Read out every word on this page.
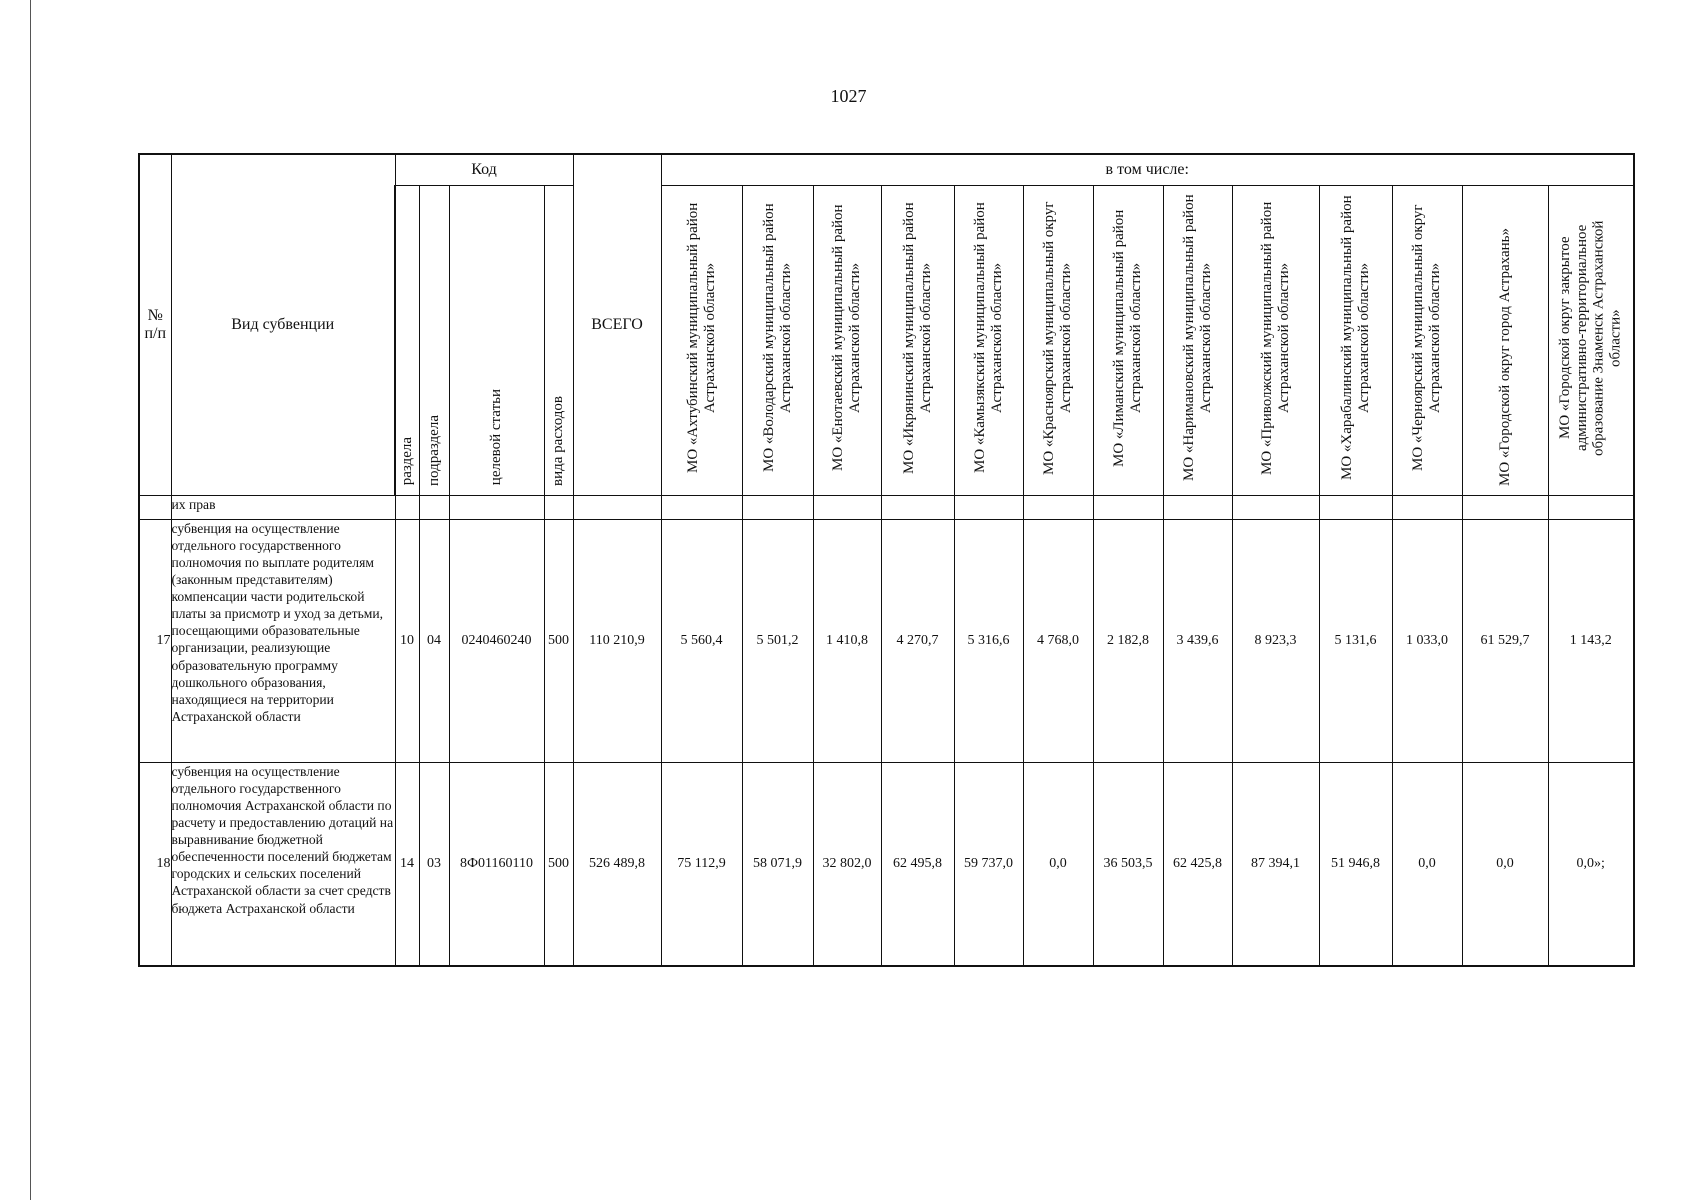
1027
№ п/п	Вид субвенции	Код				ВСЕГО	в том числе:												
		раздела	подраздела	целевой статьи	вида расходов		МО «Ахтубинский муниципальный район Астраханской области»	МО «Володарский муниципальный район Астраханской области»	МО «Енотаевский муниципальный район Астраханской области»	МО «Икрянинский муниципальный район Астраханской области»	МО «Камызякский муниципальный район Астраханской области»	МО «Красноярский муниципальный округ Астраханской области»	МО «Лиманский муниципальный район Астраханской области»	МО «Наримановский муниципальный район Астраханской области»	МО «Приволжский муниципальный район Астраханской области»	МО «Харабалинский муниципальный район Астраханской области»	МО «Черноярский муниципальный округ Астраханской области»	МО «Городской округ город Астрахань»	МО «Городской округ закрытое административно-территориальное образование Знаменск Астраханской области»
	их прав																		
17	субвенция на осуществление отдельного государственного полномочия по выплате родителям (законным представителям) компенсации части родительской платы за присмотр и уход за детьми, посещающими образовательные организации, реализующие образовательную программу дошкольного образования, находящиеся на территории Астраханской области	10	04	0240460240	500	110 210,9	5 560,4	5 501,2	1 410,8	4 270,7	5 316,6	4 768,0	2 182,8	3 439,6	8 923,3	5 131,6	1 033,0	61 529,7	1 143,2
18	субвенция на осуществление отдельного государственного полномочия Астраханской области по расчету и предоставлению дотаций на выравнивание бюджетной обеспеченности поселений бюджетам городских и сельских поселений Астраханской области за счет средств бюджета Астраханской области	14	03	8Ф01160110	500	526 489,8	75 112,9	58 071,9	32 802,0	62 495,8	59 737,0	0,0	36 503,5	62 425,8	87 394,1	51 946,8	0,0	0,0	0,0»;
